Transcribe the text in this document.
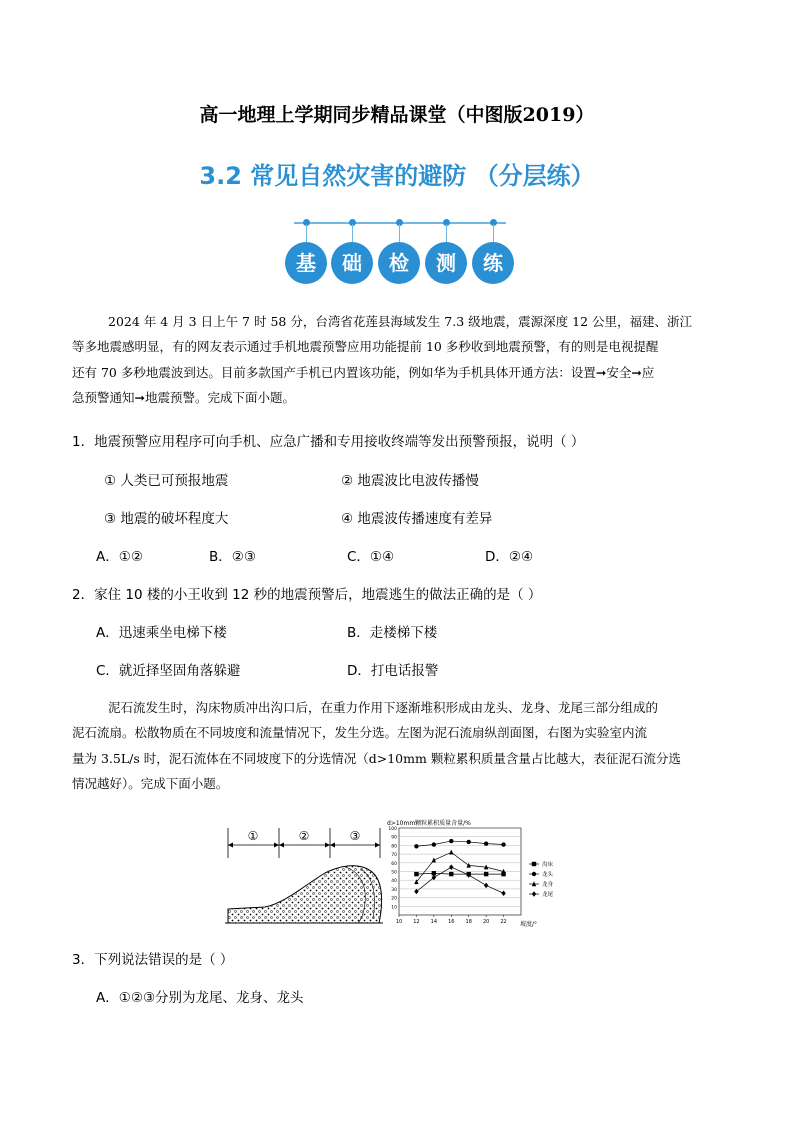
高一地理上学期同步精品课堂（中图版2019）
3.2 常见自然灾害的避防 （分层练）
基	础	检	测	练
2024 年 4 月 3 日上午 7 时 58 分，台湾省花莲县海域发生 7.3 级地震，震源深度 12 公里，福建、浙江

等多地震感明显，有的网友表示通过手机地震预警应用功能提前 10 多秒收到地震预警，有的则是电视提醒
还有 70 多秒地震波到达。目前多款国产手机已内置该功能，例如华为手机具体开通方法：设置➞安全➞应
急预警通知➞地震预警。完成下面小题。
1．地震预警应用程序可向手机、应急广播和专用接收终端等发出预警预报，说明（ ）
① 人类已可预报地震	② 地震波比电波传播慢
③ 地震的破坏程度大	④ 地震波传播速度有差异
A．①②	B．②③	C．①④	D．②④
2．家住 10 楼的小王收到 12 秒的地震预警后，地震逃生的做法正确的是（ ）
A．迅速乘坐电梯下楼	B．走楼梯下楼
C．就近择坚固角落躲避	D．打电话报警
泥石流发生时，沟床物质冲出沟口后，在重力作用下逐渐堆积形成由龙头、龙身、龙尾三部分组成的
泥石流扇。松散物质在不同坡度和流量情况下，发生分选。左图为泥石流扇纵剖面图，右图为实验室内流
量为 3.5L/s 时，泥石流体在不同坡度下的分选情况（d>10mm 颗粒累积质量含量占比越大，表征泥石流分选
情况越好）。完成下面小题。
①	②	③
d>10mm颗粒累积质量含量/%
坡度/°
10
20
30
40
50
60
70
80
90
100
10 12 14 16 18 20 22
沟床
龙头
龙身
龙尾
3．下列说法错误的是（ ）
A．①②③分别为龙尾、龙身、龙头
